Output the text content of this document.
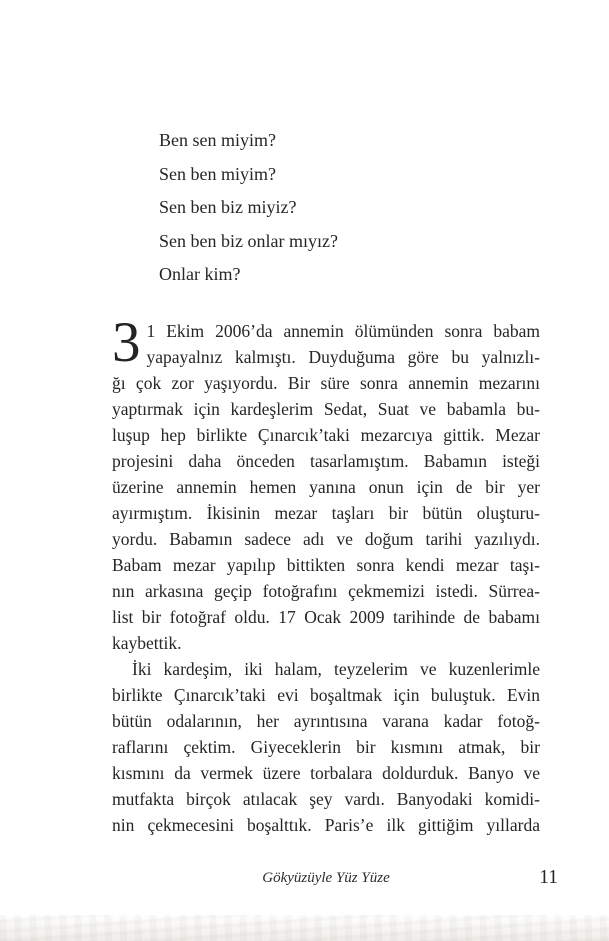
Ben sen miyim?
Sen ben miyim?
Sen ben biz miyiz?
Sen ben biz onlar mıyız?
Onlar kim?
3 1 Ekim 2006’da annemin ölümünden sonra babam
yapayalnız kalmıştı. Duyduğuma göre bu yalnızlı-
ğı çok zor yaşıyordu. Bir süre sonra annemin mezarını
yaptırmak için kardeşlerim Sedat, Suat ve babamla bu-
luşup hep birlikte Çınarcık’taki mezarcıya gittik. Mezar
projesini daha önceden tasarlamıştım. Babamın isteği
üzerine annemin hemen yanına onun için de bir yer
ayırmıştım. İkisinin mezar taşları bir bütün oluşturu-
yordu. Babamın sadece adı ve doğum tarihi yazılıydı.
Babam mezar yapılıp bittikten sonra kendi mezar taşı-
nın arkasına geçip fotoğrafını çekmemizi istedi. Sürrea-
list bir fotoğraf oldu. 17 Ocak 2009 tarihinde de babamı
kaybettik.
İki kardeşim, iki halam, teyzelerim ve kuzenlerimle
birlikte Çınarcık’taki evi boşaltmak için buluştuk. Evin
bütün odalarının, her ayrıntısına varana kadar fotoğ-
raflarını çektim. Giyeceklerin bir kısmını atmak, bir
kısmını da vermek üzere torbalara doldurduk. Banyo ve
mutfakta birçok atılacak şey vardı. Banyodaki komidi-
nin çekmecesini boşalttık. Paris’e ilk gittiğim yıllarda
Gökyüzüyle Yüz Yüze	11
